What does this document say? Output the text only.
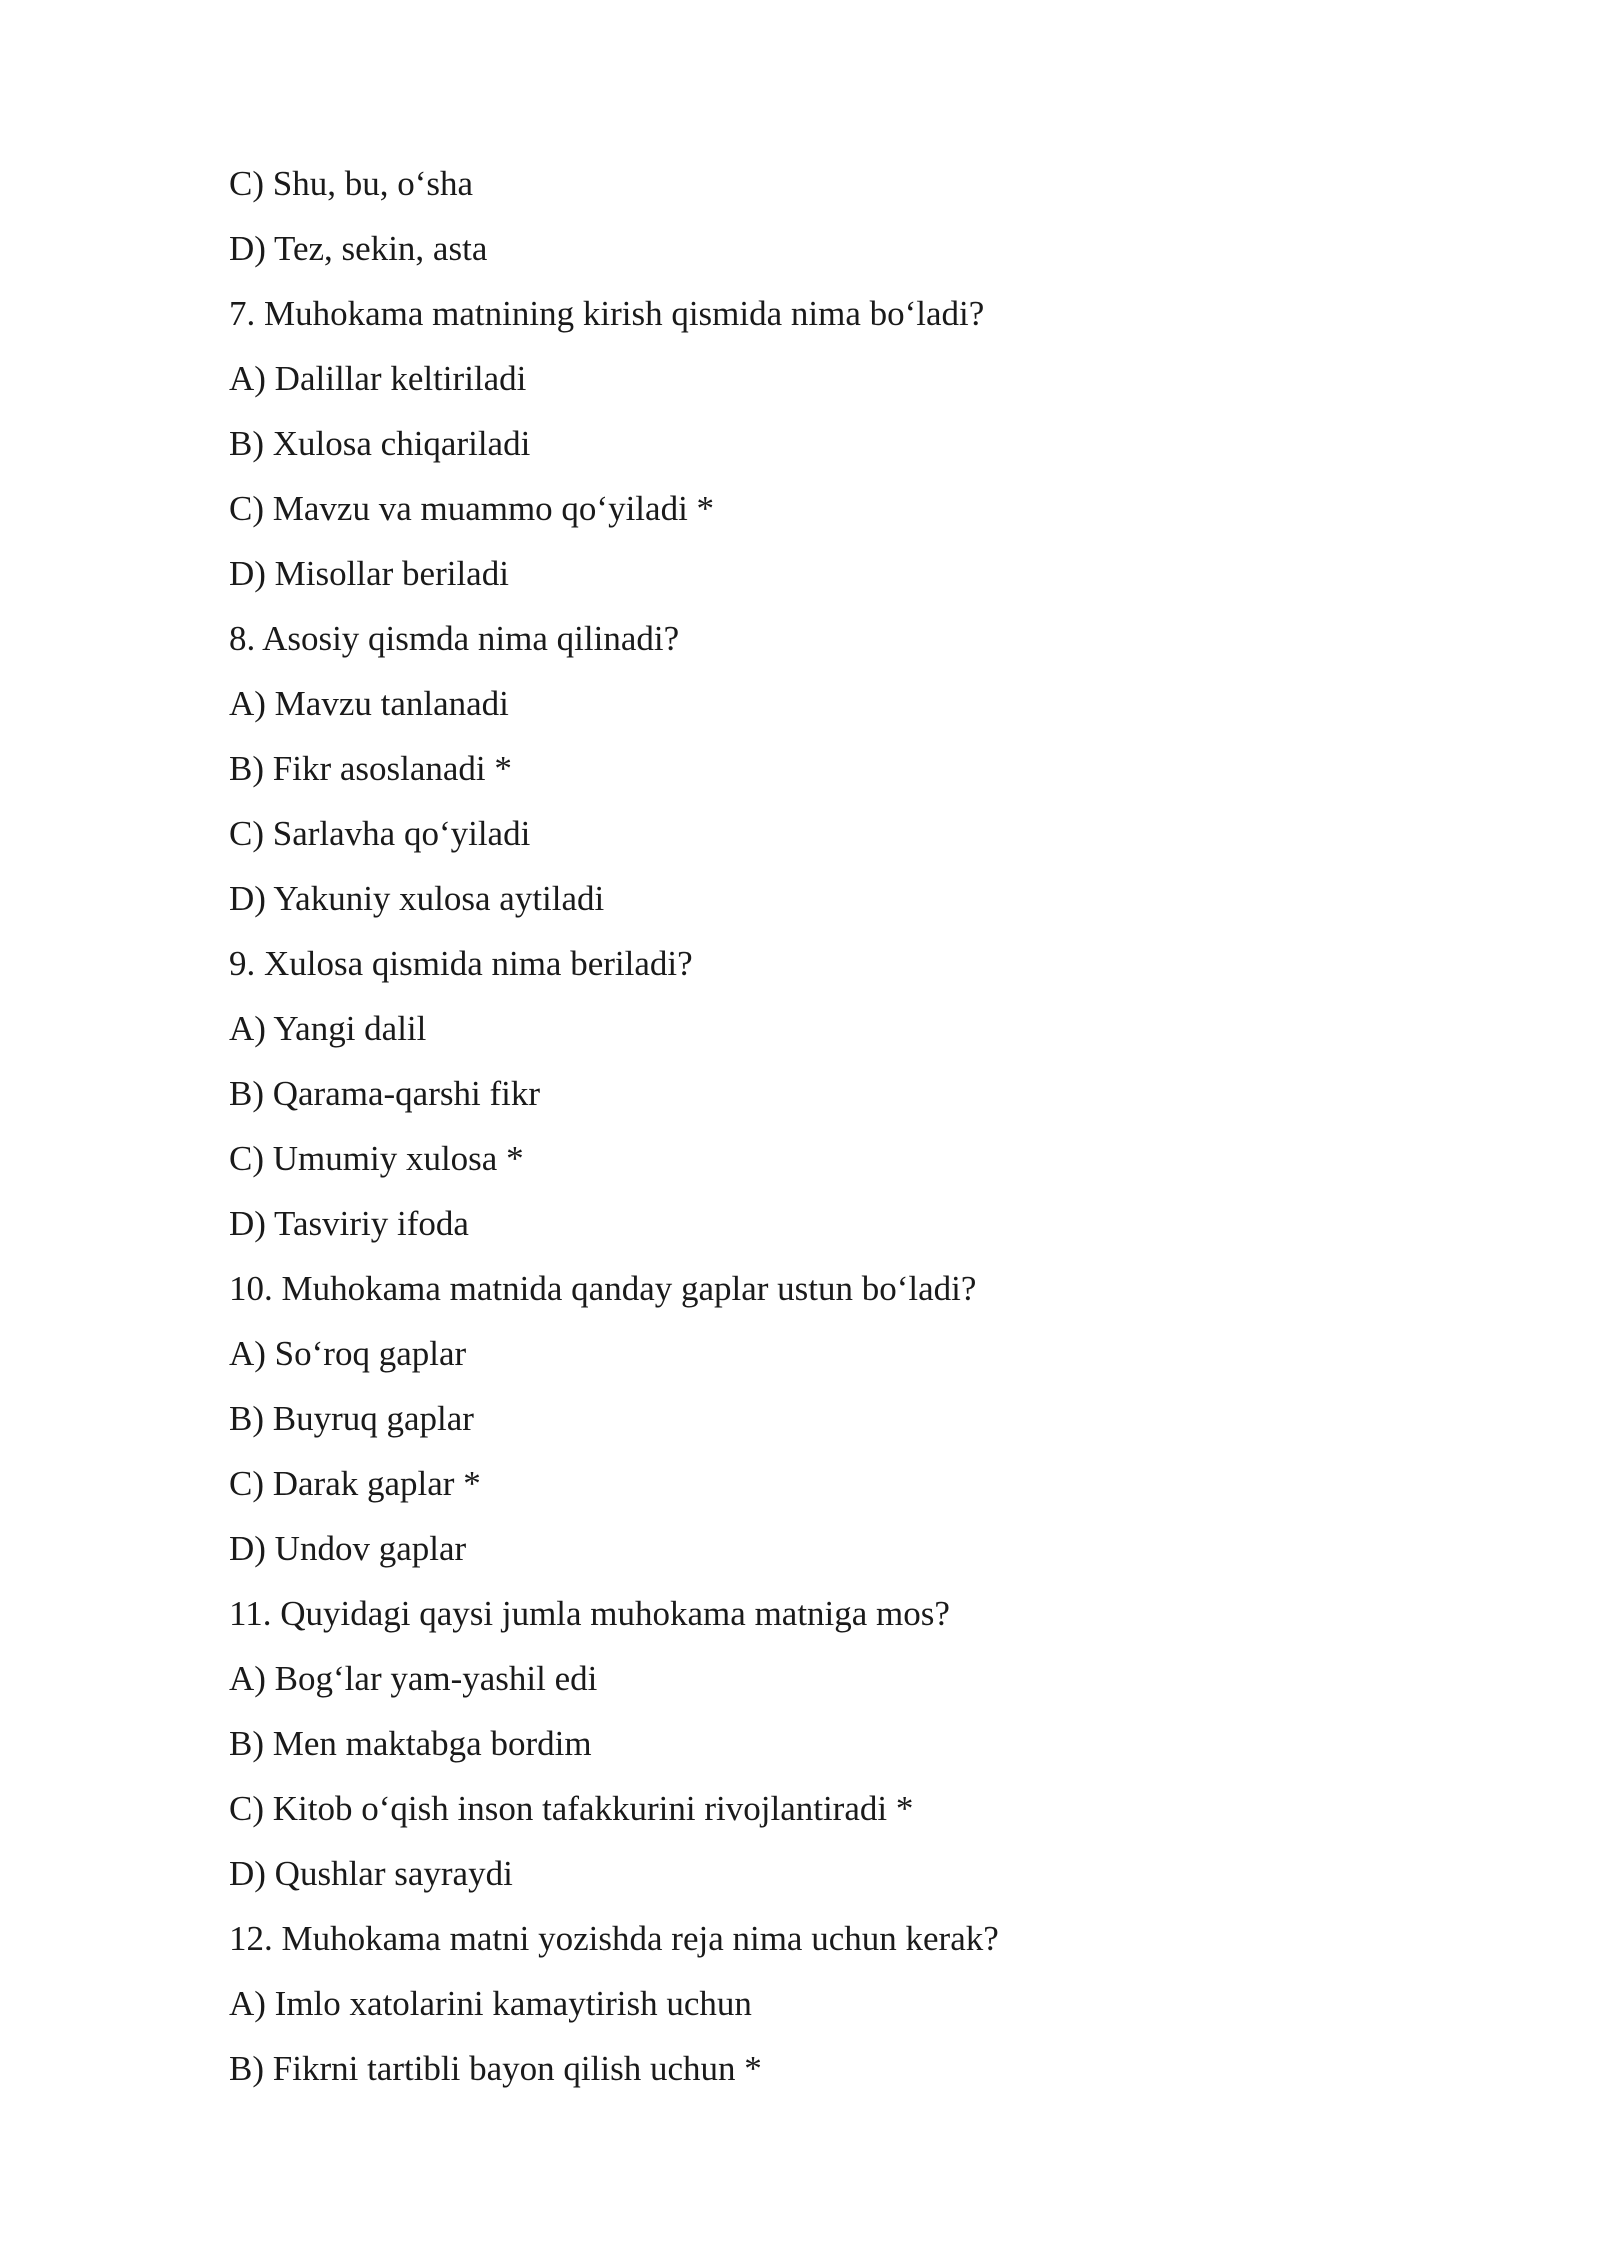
C) Shu, bu, o‘sha
D) Tez, sekin, asta
7. Muhokama matnining kirish qismida nima bo‘ladi?
A) Dalillar keltiriladi
B) Xulosa chiqariladi
C) Mavzu va muammo qo‘yiladi *
D) Misollar beriladi
8. Asosiy qismda nima qilinadi?
A) Mavzu tanlanadi
B) Fikr asoslanadi *
C) Sarlavha qo‘yiladi
D) Yakuniy xulosa aytiladi
9. Xulosa qismida nima beriladi?
A) Yangi dalil
B) Qarama-qarshi fikr
C) Umumiy xulosa *
D) Tasviriy ifoda
10. Muhokama matnida qanday gaplar ustun bo‘ladi?
A) So‘roq gaplar
B) Buyruq gaplar
C) Darak gaplar *
D) Undov gaplar
11. Quyidagi qaysi jumla muhokama matniga mos?
A) Bog‘lar yam-yashil edi
B) Men maktabga bordim
C) Kitob o‘qish inson tafakkurini rivojlantiradi *
D) Qushlar sayraydi
12. Muhokama matni yozishda reja nima uchun kerak?
A) Imlo xatolarini kamaytirish uchun
B) Fikrni tartibli bayon qilish uchun *
